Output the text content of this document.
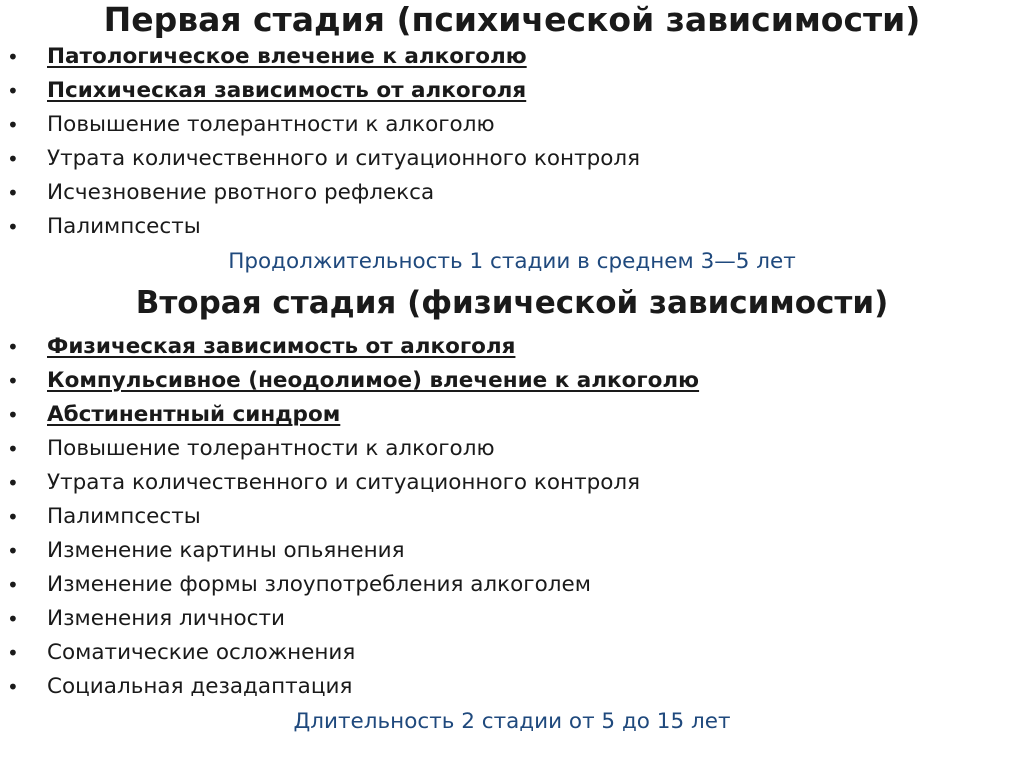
Первая стадия (психической зависимости)
• Патологическое влечение к алкоголю
• Психическая зависимость от алкоголя
• Повышение толерантности к алкоголю
• Утрата количественного и ситуационного контроля
• Исчезновение рвотного рефлекса
• Палимпсесты
Продолжительность 1 стадии в среднем 3—5 лет
Вторая стадия (физической зависимости)
• Физическая зависимость от алкоголя
• Компульсивное (неодолимое) влечение к алкоголю
• Абстинентный синдром
• Повышение толерантности к алкоголю
• Утрата количественного и ситуационного контроля
• Палимпсесты
• Изменение картины опьянения
• Изменение формы злоупотребления алкоголем
• Изменения личности
• Соматические осложнения
• Социальная дезадаптация
Длительность 2 стадии от 5 до 15 лет
